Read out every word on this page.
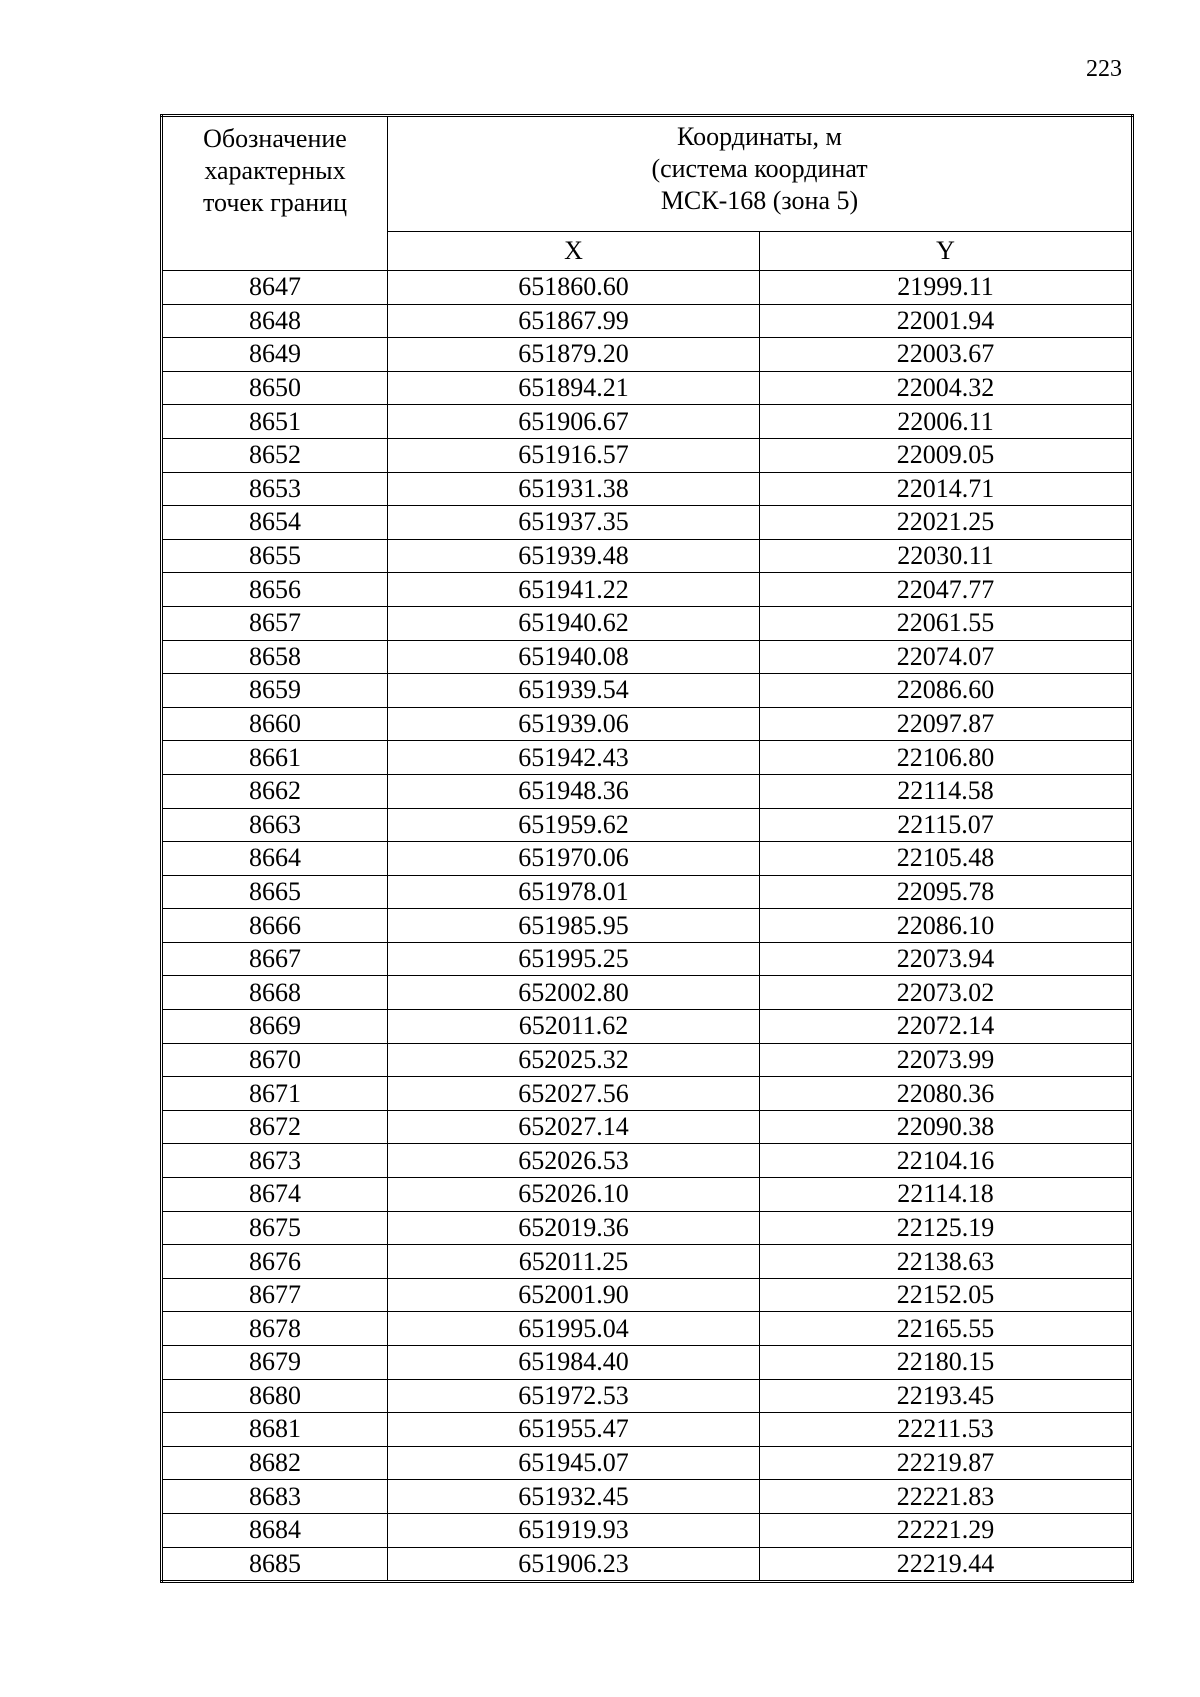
223
Обозначение
характерных
точек границ	Координаты, м
(система координат
МСК-168 (зона 5)	

	X	Y
8647	651860.60	21999.11
8648	651867.99	22001.94
8649	651879.20	22003.67
8650	651894.21	22004.32
8651	651906.67	22006.11
8652	651916.57	22009.05
8653	651931.38	22014.71
8654	651937.35	22021.25
8655	651939.48	22030.11
8656	651941.22	22047.77
8657	651940.62	22061.55
8658	651940.08	22074.07
8659	651939.54	22086.60
8660	651939.06	22097.87
8661	651942.43	22106.80
8662	651948.36	22114.58
8663	651959.62	22115.07
8664	651970.06	22105.48
8665	651978.01	22095.78
8666	651985.95	22086.10
8667	651995.25	22073.94
8668	652002.80	22073.02
8669	652011.62	22072.14
8670	652025.32	22073.99
8671	652027.56	22080.36
8672	652027.14	22090.38
8673	652026.53	22104.16
8674	652026.10	22114.18
8675	652019.36	22125.19
8676	652011.25	22138.63
8677	652001.90	22152.05
8678	651995.04	22165.55
8679	651984.40	22180.15
8680	651972.53	22193.45
8681	651955.47	22211.53
8682	651945.07	22219.87
8683	651932.45	22221.83
8684	651919.93	22221.29
8685	651906.23	22219.44
